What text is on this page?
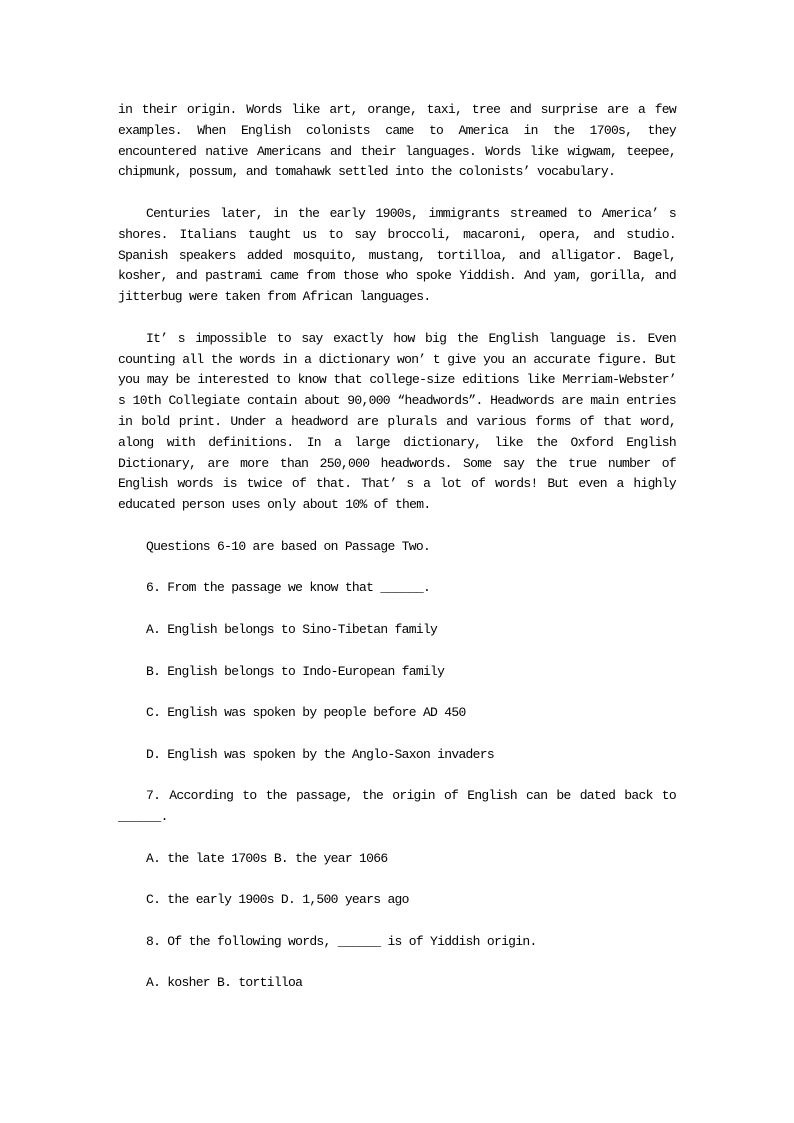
in their origin. Words like art, orange, taxi, tree and surprise are a few examples. When English colonists came to America in the 1700s, they encountered native Americans and their languages. Words like wigwam, teepee, chipmunk, possum, and tomahawk settled into the colonists’ vocabulary.

Centuries later, in the early 1900s, immigrants streamed to America’ s shores. Italians taught us to say broccoli, macaroni, opera, and studio. Spanish speakers added mosquito, mustang, tortilloa, and alligator. Bagel, kosher, and pastrami came from those who spoke Yiddish. And yam, gorilla, and jitterbug were taken from African languages.

It’ s impossible to say exactly how big the English language is. Even counting all the words in a dictionary won’ t give you an accurate figure. But you may be interested to know that college-size editions like Merriam-Webster’ s 10th Collegiate contain about 90,000 “headwords”. Headwords are main entries in bold print. Under a headword are plurals and various forms of that word, along with definitions. In a large dictionary, like the Oxford English Dictionary, are more than 250,000 headwords. Some say the true number of English words is twice of that. That’ s a lot of words! But even a highly educated person uses only about 10% of them.

Questions 6-10 are based on Passage Two.

6. From the passage we know that ______.

A. English belongs to Sino-Tibetan family

B. English belongs to Indo-European family

C. English was spoken by people before AD 450

D. English was spoken by the Anglo-Saxon invaders

7. According to the passage, the origin of English can be dated back to

______.

A. the late 1700s B. the year 1066

C. the early 1900s D. 1,500 years ago

8. Of the following words, ______ is of Yiddish origin.

A. kosher B. tortilloa
